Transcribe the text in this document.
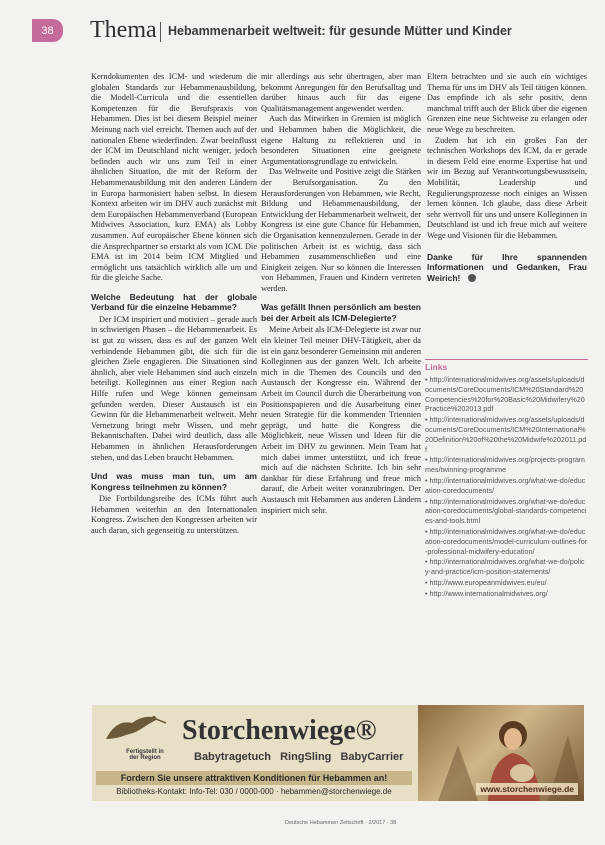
38	Thema Hebammenarbeit weltweit: für gesunde Mütter und Kinder

Kerndokumenten des ICM- und wiederum die globalen Standards zur Hebammenausbildung, die Modell-Curricula und die essentiellen Kompetenzen für die Berufspraxis von Hebammen. Dies ist bei diesem Beispiel meiner Meinung nach viel erreicht. Themen auch auf der nationalen Ebene wiederfinden. Zwar beeinflusst der ICM im Deutschland nicht weniger, jedoch befinden auch wir uns zum Teil in einer ähnlichen Situation, die mit der Reform der Hebammenausbildung mit den anderen Ländern in Europa harmonisiert haben selbst. In diesem Kontext arbeiten wir im DHV auch zunächst mit dem Europäischen Hebammenverband (European Midwives Association, kurz EMA) als Lobby zusammen. Auf europäischer Ebene können sich die Ansprechpartner so erstarkt als vom ICM. Die EMA ist im 2014 beim ICM Mitglied und ermöglicht uns tatsächlich wirklich alle um und für die gleiche Sache.

Welche Bedeutung hat der globale Verband für die einzelne Hebamme?

Der ICM inspiriert und motiviert – gerade auch in schwierigen Phasen – die Hebammenarbeit. Es ist gut zu wissen, dass es auf der ganzen Welt verbindende Hebammen gibt, die sich für die gleichen Ziele engagieren. Die Situationen sind ähnlich, aber viele Hebammen sind auch einzeln beteiligt. Kolleginnen aus einer Region nach Hilfe rufen und Wege können gemeinsam gefunden werden. Dieser Austausch ist ein Gewinn für die Hebammenarbeit weltweit. Mehr Vernetzung bringt mehr Wissen, und mehr Bekanntschaften. Dabei wird deutlich, dass alle Hebammen in ähnlichen Herausforderungen stehen, und das Leben braucht Hebammen.

Und was muss man tun, um am Kongress teilnehmen zu können?

Die Fortbildungsreihe des ICMs führt auch Hebammen weiterhin an den Internationalen Kongress. Zwischen den Kongressen arbeiten wir auch daran, sich gegenseitig zu unterstützen.

mir allerdings aus sehr übertragen, aber man bekommt Anregungen für den Berufsalltag und darüber hinaus auch für das eigene Qualitätsmanagement angewendet werden.

Auch das Mitwirken in Gremien ist möglich und Hebammen haben die Möglichkeit, die eigene Haltung zu reflektieren und in besonderen Situationen eine geeignete Argumentationsgrundlage zu entwickeln.

Das Weltweite und Positive zeigt die Stärken der Berufsorganisation. Zu den Herausforderungen von Hebammen, wie Recht, Bildung und Hebammenausbildung, der Entwicklung der Hebammenarbeit weltweit, der Kongress ist eine gute Chance für Hebammen, die Organisation kennenzulernen. Gerade in der politischen Arbeit ist es wichtig, dass sich Hebammen zusammenschließen und eine Einigkeit zeigen. Nur so können die Interessen von Hebammen, Frauen und Kindern vertreten werden.

Was gefällt Ihnen persönlich am besten bei der Arbeit als ICM-Delegierte?

Meine Arbeit als ICM-Delegierte ist zwar nur ein kleiner Teil meiner DHV-Tätigkeit, aber da ist ein ganz besonderer Gemeinsinn mit anderen Kolleginnen aus der ganzen Welt. Ich arbeite mich in die Themen des Councils und den Austausch der Kongresse ein. Während der Arbeit im Council durch die Überarbeitung von Positionspapieren und die Ausarbeitung einer neuen Strategie für die kommenden Triennien geprägt, und hatte die Kongress die Möglichkeit, neue Wissen und Ideen für die Arbeit im DHV zu gewinnen. Mein Team hat mich dabei immer unterstützt, und ich freue mich auf die nächsten Schritte. Ich bin sehr dankbar für diese Erfahrung und freue mich darauf, die Arbeit weiter voranzubringen. Der Austausch mit Hebammen aus anderen Ländern inspiriert mich sehr.

Eltern betrachten und sie auch ein wichtiges Thema für uns im DHV als Teil tätigen können. Das empfinde ich als sehr positiv, denn manchmal trifft auch der Blick über die eigenen Grenzen eine neue Sichtweise zu erlangen oder neue Wege zu beschreiten.

Zudem hat ich ein großes Fan der technischen Workshops des ICM, da er gerade in diesem Feld eine enorme Expertise hat und wir im Bezug auf Verantwortungsbewusstsein, Mobilität, Leadership und Regulierungsprozesse noch einiges an Wissen lernen können. Ich glaube, dass diese Arbeit sehr wertvoll für uns und unsere Kolleginnen in Deutschland ist und ich freue mich auf weitere Wege und Visionen für die Hebammen.

Danke für Ihre spannenden Informationen und Gedanken, Frau Weirich!
Links
• http://internationalmidwives.org/assets/uploads/documents/CoreDocuments/ICM%20Standard%20Competencies%20for%20Basic%20Midwifery%20Practice%202013.pdf
• http://internationalmidwives.org/assets/uploads/documents/CoreDocuments/ICM%20International%20Definition%20of%20the%20Midwife%202011.pdf
• http://internationalmidwives.org/projects-programmes/twinning-programme
• http://internationalmidwives.org/what-we-do/education-coredocuments/
• http://internationalmidwives.org/what-we-do/education-coredocuments/global-standards-competencies-and-tools.html
• http://internationalmidwives.org/what-we-do/education-coredocuments/model-curriculum-outlines-for-professional-midwifery-education/
• http://internationalmidwives.org/what-we-do/policy-and-practice/icm-position-statements/
• http://www.europeanmidwives.eu/eu/
• http://www.internationalmidwives.org/
Fertigstellt in der Region
Storchenwiege®
Babytragetuch RingSling BabyCarrier
Fordern Sie unsere attraktiven Konditionen für Hebammen an!
Bibliotheks-Kontakt: Info-Tel: 030 / 0000-000 · hebammen@storchenwiege.de	www.storchenwiege.de
Deutsche Hebammen Zeitschrift · 2/2017 · 38
